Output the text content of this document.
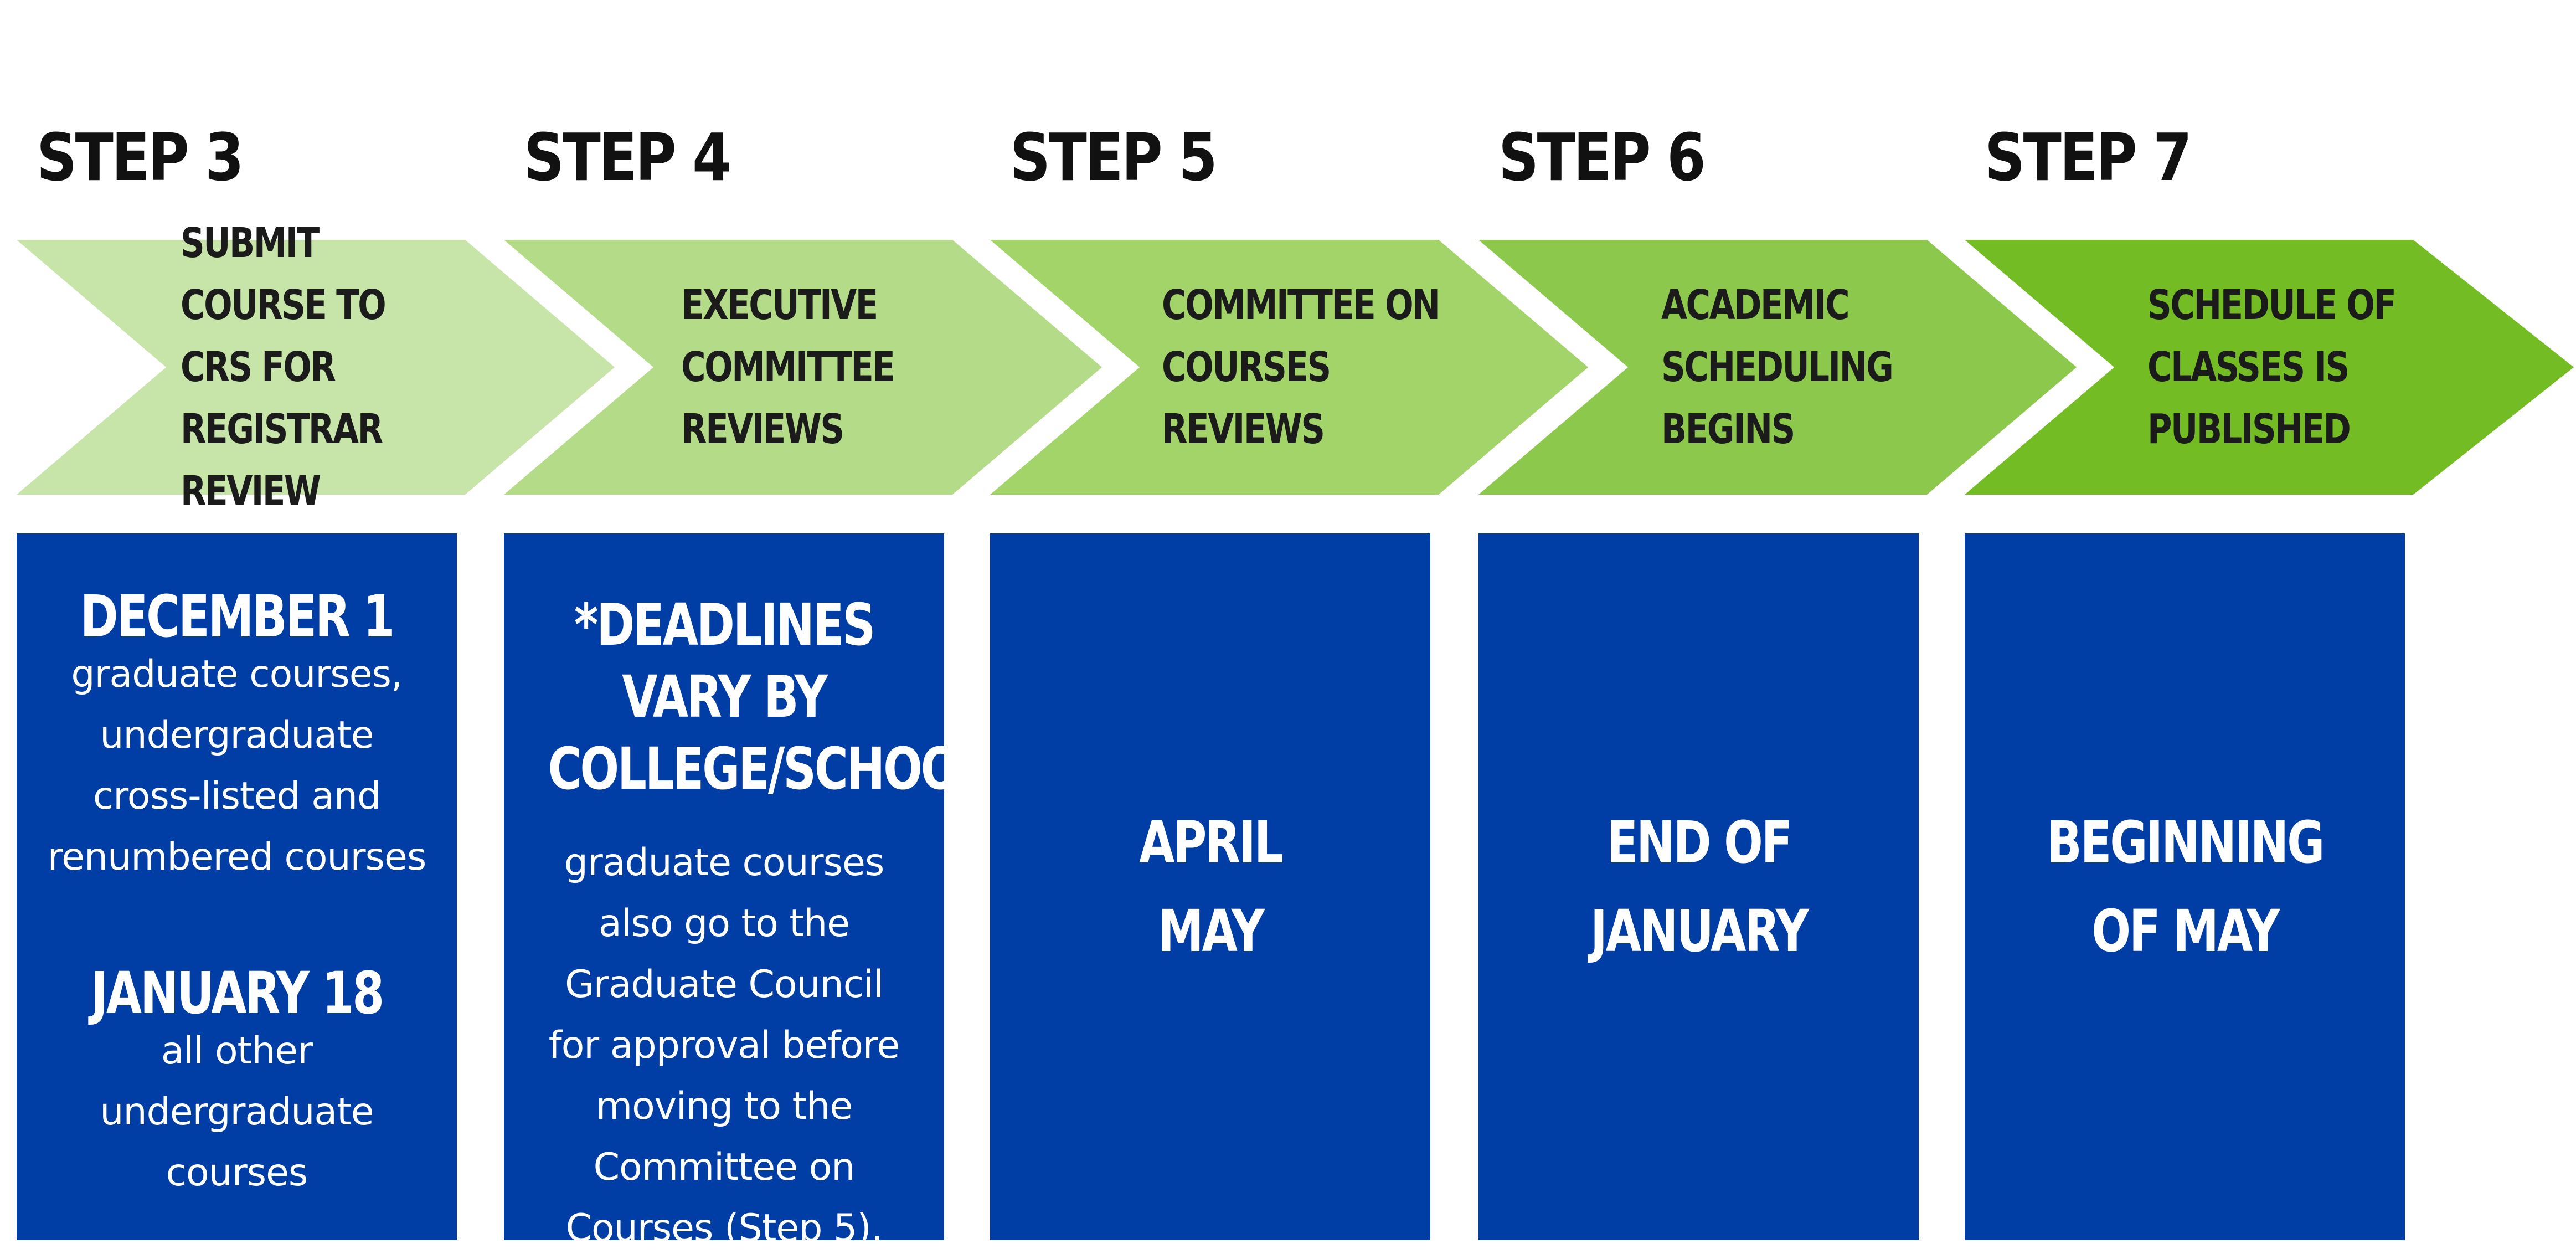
STEP 3
SUBMIT COURSE TO
CRS FOR REGISTRAR
REVIEW
DECEMBER 1
graduate courses,
undergraduate
cross-listed and
renumbered courses
JANUARY 18
all other
undergraduate
courses
STEP 4
EXECUTIVE
COMMITTEE
REVIEWS
*DEADLINES VARY BY
COLLEGE/SCHOOL
graduate courses
also go to the
Graduate Council
for approval before
moving to the
Committee on
Courses (Step 5).
STEP 5
COMMITTEE ON
COURSES REVIEWS
APRIL
MAY
STEP 6
ACADEMIC
SCHEDULING
BEGINS
END OF
JANUARY
STEP 7
SCHEDULE OF
CLASSES IS
PUBLISHED
BEGINNING
OF MAY
